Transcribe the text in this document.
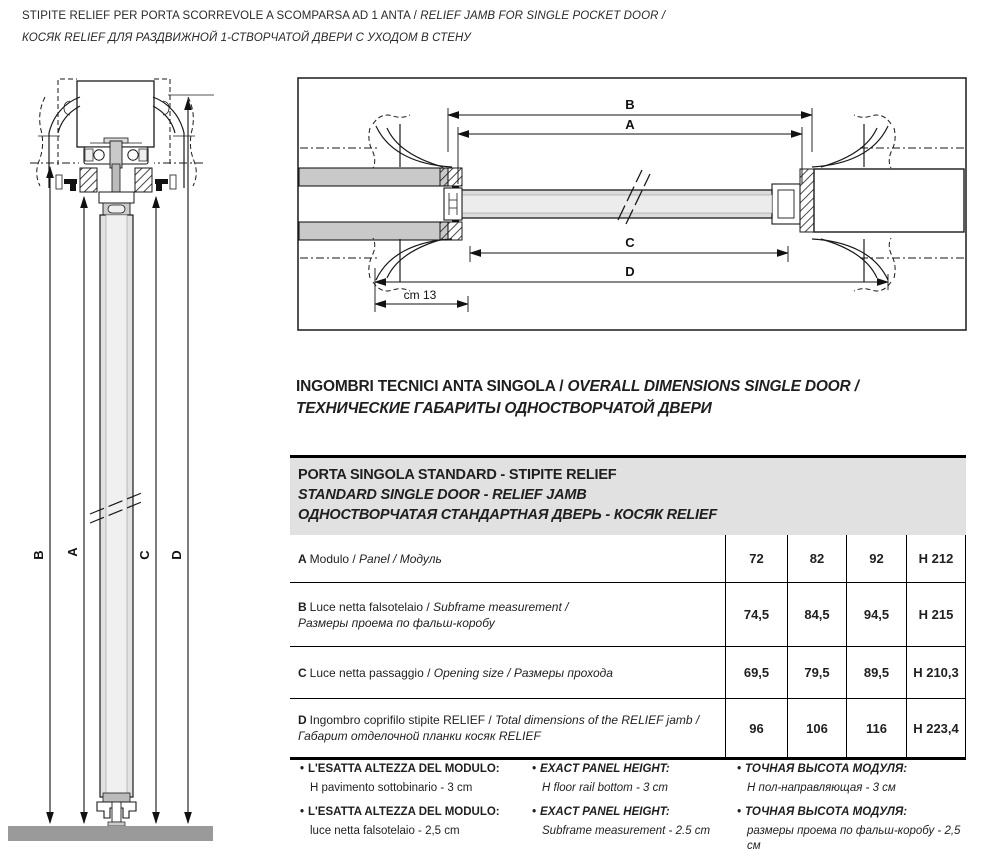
STIPITE RELIEF PER PORTA SCORREVOLE A SCOMPARSA AD 1 ANTA / RELIEF JAMB FOR SINGLE POCKET DOOR /
КОСЯК RELIEF ДЛЯ РАЗДВИЖНОЙ 1-СТВОРЧАТОЙ ДВЕРИ С УХОДОМ В СТЕНУ
B A	C D
B
A
C
D
cm 13
INGOMBRI TECNICI ANTA SINGOLA / OVERALL DIMENSIONS SINGLE DOOR /
ТЕХНИЧЕСКИЕ ГАБАРИТЫ ОДНОСТВОРЧАТОЙ ДВЕРИ
PORTA SINGOLA STANDARD - STIPITE RELIEF
STANDARD SINGLE DOOR - RELIEF JAMB
ОДНОСТВОРЧАТАЯ СТАНДАРТНАЯ ДВЕРЬ - КОСЯК RELIEF
A Modulo / Panel / Модуль	72	82	92	H 212
B Luce netta falsotelaio / Subframe measurement /
Размеры проема по фальш-коробу
74,5	84,5	94,5	H 215
C Luce netta passaggio / Opening size / Размеры прохода	69,5	79,5	89,5	H 210,3
D Ingombro coprifilo stipite RELIEF / Total dimensions of the RELIEF jamb / Габарит отделочной планки косяк RELIEF
96	106	116	H 223,4
• L'ESATTA ALTEZZA DEL MODULO:
H pavimento sottobinario - 3 cm
• L'ESATTA ALTEZZA DEL MODULO:
luce netta falsotelaio - 2,5 cm
• EXACT PANEL HEIGHT:
H floor rail bottom - 3 cm
• EXACT PANEL HEIGHT:
Subframe measurement - 2.5 cm
• ТОЧНАЯ ВЫСОТА МОДУЛЯ:
Н пол-направляющая - 3 см
• ТОЧНАЯ ВЫСОТА МОДУЛЯ:
размеры проема по фальш-коробу - 2,5 см
